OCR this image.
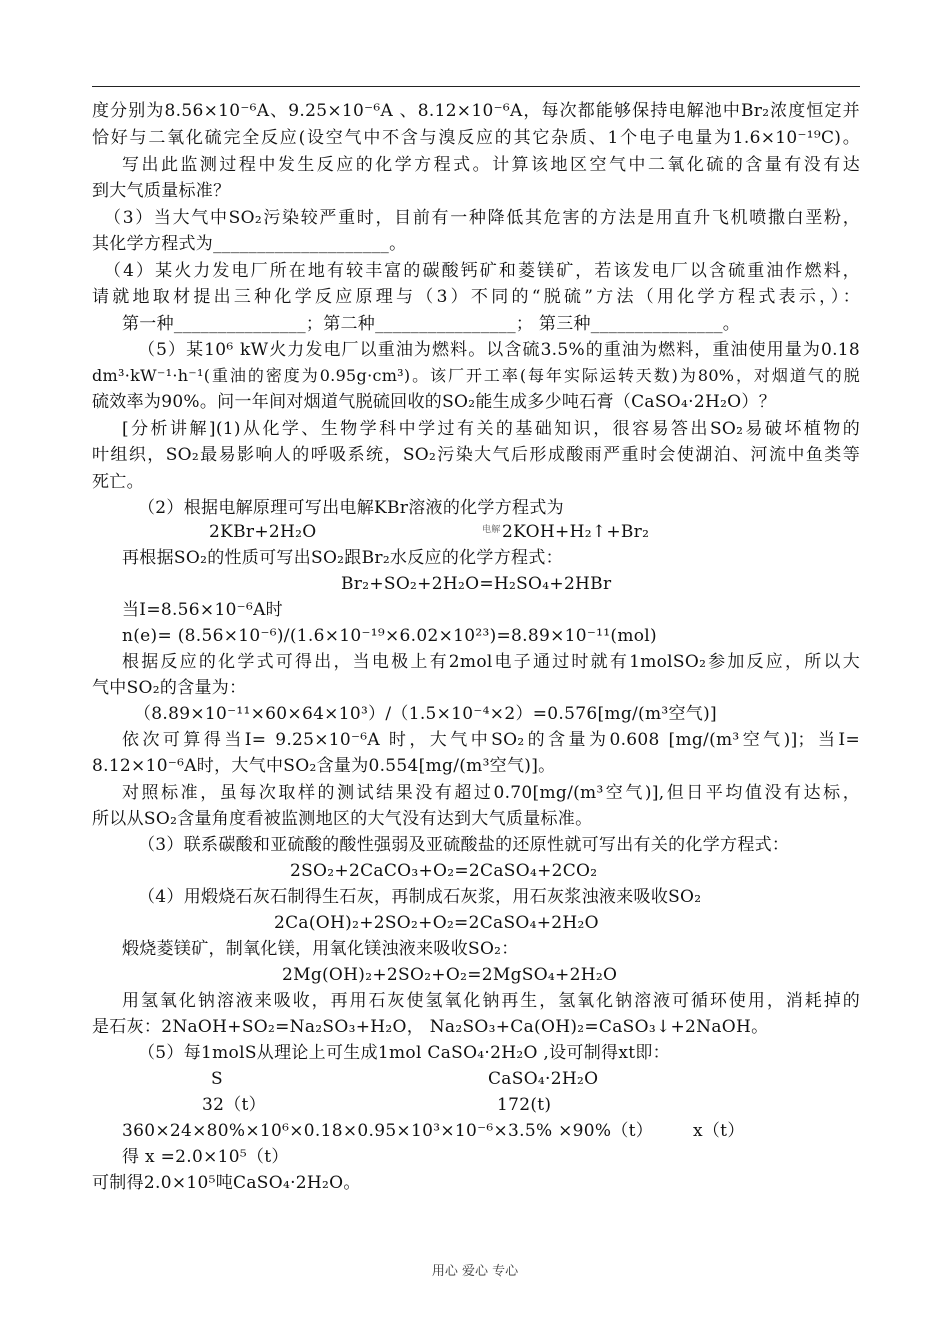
度分别为8.56×10⁻⁶A、9.25×10⁻⁶A 、8.12×10⁻⁶A，每次都能够保持电解池中Br₂浓度恒定并
恰好与二氧化硫完全反应(设空气中不含与溴反应的其它杂质、1个电子电量为1.6×10⁻¹⁹C)。
写出此监测过程中发生反应的化学方程式。计算该地区空气中二氧化硫的含量有没有达
到大气质量标准？
（3）当大气中SO₂污染较严重时，目前有一种降低其危害的方法是用直升飞机喷撒白垩粉，
其化学方程式为____________________。
（4）某火力发电厂所在地有较丰富的碳酸钙矿和菱镁矿，若该发电厂以含硫重油作燃料，
请就地取材提出三种化学反应原理与（3）不同的“脱硫”方法（用化学方程式表示，）：
第一种_______________；第二种________________； 第三种_______________。
（5）某10⁶ kW火力发电厂以重油为燃料。以含硫3.5%的重油为燃料，重油使用量为0.18
dm³·kW⁻¹·h⁻¹(重油的密度为0.95g·cm³)。该厂开工率(每年实际运转天数)为80%，对烟道气的脱
硫效率为90%。问一年间对烟道气脱硫回收的SO₂能生成多少吨石膏（CaSO₄·2H₂O）？
[分析讲解](1)从化学、生物学科中学过有关的基础知识，很容易答出SO₂易破坏植物的
叶组织，SO₂最易影响人的呼吸系统，SO₂污染大气后形成酸雨严重时会使湖泊、河流中鱼类等
死亡。
（2）根据电解原理可写出电解KBr溶液的化学方程式为
2KBr+2H₂O	电解 2KOH+H₂↑+Br₂
再根据SO₂的性质可写出SO₂跟Br₂水反应的化学方程式：
Br₂+SO₂+2H₂O=H₂SO₄+2HBr
当I=8.56×10⁻⁶A时
n(e)= (8.56×10⁻⁶)/(1.6×10⁻¹⁹×6.02×10²³)=8.89×10⁻¹¹(mol)
根据反应的化学式可得出，当电极上有2mol电子通过时就有1molSO₂参加反应，所以大
气中SO₂的含量为：
（8.89×10⁻¹¹×60×64×10³）/（1.5×10⁻⁴×2）=0.576[mg/(m³空气)]
依次可算得当I= 9.25×10⁻⁶A 时，大气中SO₂的含量为0.608 [mg/(m³空气)]；当I=
8.12×10⁻⁶A时，大气中SO₂含量为0.554[mg/(m³空气)]。
对照标准，虽每次取样的测试结果没有超过0.70[mg/(m³空气)],但日平均值没有达标，
所以从SO₂含量角度看被监测地区的大气没有达到大气质量标准。
（3）联系碳酸和亚硫酸的酸性强弱及亚硫酸盐的还原性就可写出有关的化学方程式：
2SO₂+2CaCO₃+O₂=2CaSO₄+2CO₂
（4）用煅烧石灰石制得生石灰，再制成石灰浆，用石灰浆浊液来吸收SO₂
2Ca(OH)₂+2SO₂+O₂=2CaSO₄+2H₂O
煅烧菱镁矿，制氧化镁，用氧化镁浊液来吸收SO₂：
2Mg(OH)₂+2SO₂+O₂=2MgSO₄+2H₂O
用氢氧化钠溶液来吸收，再用石灰使氢氧化钠再生，氢氧化钠溶液可循环使用，消耗掉的
是石灰：2NaOH+SO₂=Na₂SO₃+H₂O， Na₂SO₃+Ca(OH)₂=CaSO₃↓+2NaOH。
（5）每1molS从理论上可生成1mol CaSO₄·2H₂O ,设可制得xt即：
S	CaSO₄·2H₂O
32（t）	172(t)
360×24×80%×10⁶×0.18×0.95×10³×10⁻⁶×3.5% ×90%（t） x（t）
得 x =2.0×10⁵（t）
可制得2.0×10⁵吨CaSO₄·2H₂O。
用心 爱心 专心
